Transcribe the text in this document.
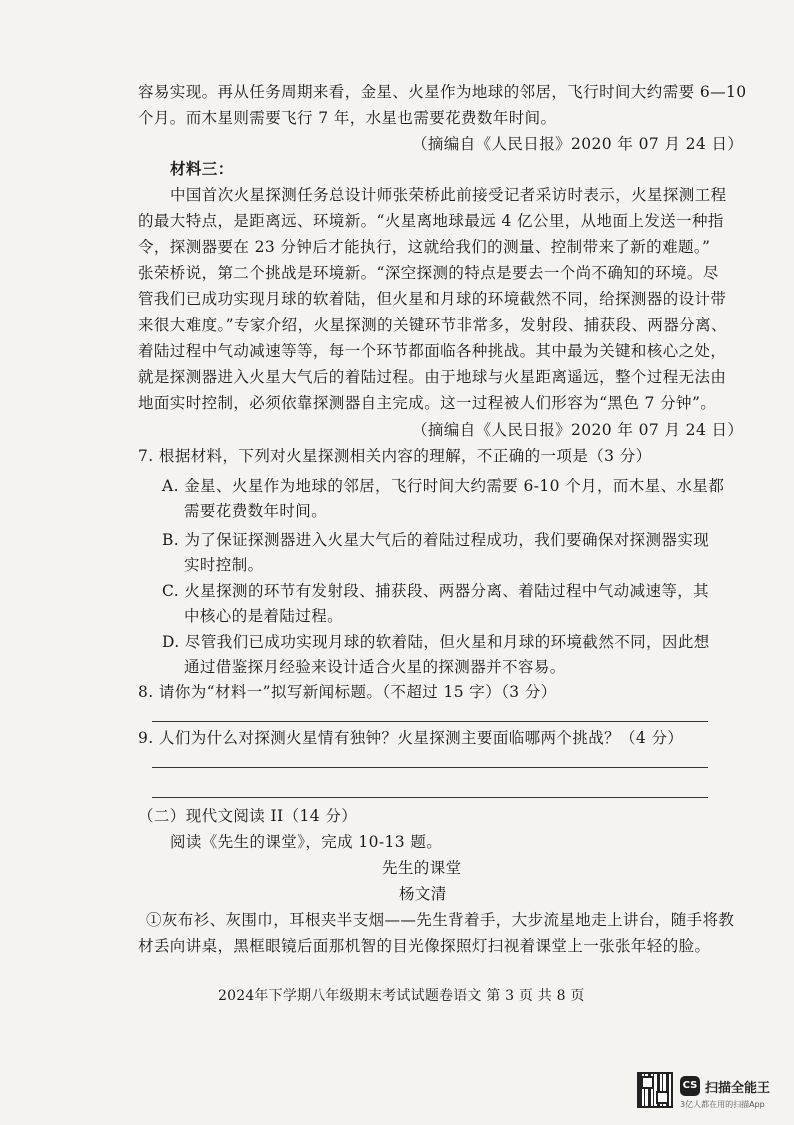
容易实现。再从任务周期来看，金星、火星作为地球的邻居，飞行时间大约需要 6—10
个月。而木星则需要飞行 7 年，水星也需要花费数年时间。
（摘编自《人民日报》2020 年 07 月 24 日）
材料三：
中国首次火星探测任务总设计师张荣桥此前接受记者采访时表示，火星探测工程
的最大特点，是距离远、环境新。“火星离地球最远 4 亿公里，从地面上发送一种指
令，探测器要在 23 分钟后才能执行，这就给我们的测量、控制带来了新的难题。”
张荣桥说，第二个挑战是环境新。“深空探测的特点是要去一个尚不确知的环境。尽
管我们已成功实现月球的软着陆，但火星和月球的环境截然不同，给探测器的设计带
来很大难度。”专家介绍，火星探测的关键环节非常多，发射段、捕获段、两器分离、
着陆过程中气动减速等等，每一个环节都面临各种挑战。其中最为关键和核心之处，
就是探测器进入火星大气后的着陆过程。由于地球与火星距离遥远，整个过程无法由
地面实时控制，必须依靠探测器自主完成。这一过程被人们形容为“黑色 7 分钟”。
（摘编自《人民日报》2020 年 07 月 24 日）
7. 根据材料，下列对火星探测相关内容的理解，不正确的一项是（3 分）
A. 金星、火星作为地球的邻居，飞行时间大约需要 6-10 个月，而木星、水星都
需要花费数年时间。
B. 为了保证探测器进入火星大气后的着陆过程成功，我们要确保对探测器实现
实时控制。
C. 火星探测的环节有发射段、捕获段、两器分离、着陆过程中气动减速等，其
中核心的是着陆过程。
D. 尽管我们已成功实现月球的软着陆，但火星和月球的环境截然不同，因此想
通过借鉴探月经验来设计适合火星的探测器并不容易。
8. 请你为“材料一”拟写新闻标题。（不超过 15 字）（3 分）
9. 人们为什么对探测火星情有独钟？火星探测主要面临哪两个挑战？（4 分）
（二）现代文阅读 II（14 分）
阅读《先生的课堂》，完成 10-13 题。
先生的课堂
杨文清
①灰布衫、灰围巾，耳根夹半支烟——先生背着手，大步流星地走上讲台，随手将教
材丢向讲桌，黑框眼镜后面那机智的目光像探照灯扫视着课堂上一张张年轻的脸。
2024年下学期八年级期末考试试题卷语文 第 3 页 共 8 页
CS 扫描全能王
3亿人都在用的扫描App
